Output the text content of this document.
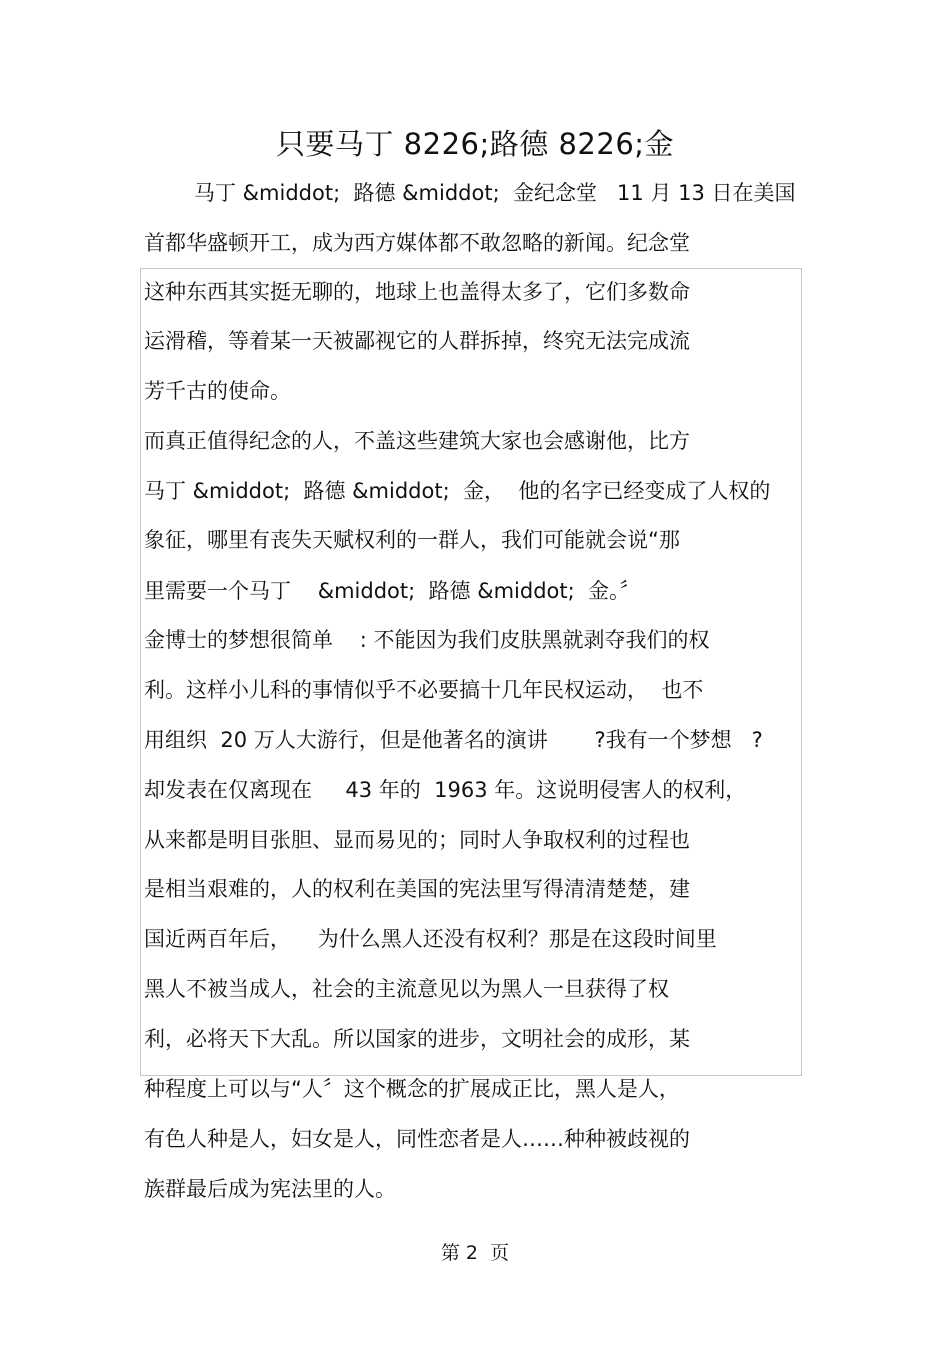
只要马丁 8226;路德 8226;金
马丁 &middot;  路德 &middot;  金纪念堂   11 月 13 日在美国
首都华盛顿开工，成为西方媒体都不敢忽略的新闻。纪念堂
这种东西其实挺无聊的，地球上也盖得太多了，它们多数命
运滑稽，等着某一天被鄙视它的人群拆掉，终究无法完成流
芳千古的使命。
而真正值得纪念的人，不盖这些建筑大家也会感谢他，比方
马丁 &middot;  路德 &middot;  金，  他的名字已经变成了人权的
象征，哪里有丧失天赋权利的一群人，我们可能就会说“那
里需要一个马丁    &middot;  路德 &middot;  金。〞
金博士的梦想很简单    : 不能因为我们皮肤黑就剥夺我们的权
利。这样小儿科的事情似乎不必要搞十几年民权运动，  也不
用组织  20 万人大游行，但是他著名的演讲       ?我有一个梦想   ?
却发表在仅离现在     43 年的  1963 年。这说明侵害人的权利，
从来都是明目张胆、显而易见的；同时人争取权利的过程也
是相当艰难的，人的权利在美国的宪法里写得清清楚楚，建
国近两百年后，    为什么黑人还没有权利？那是在这段时间里
黑人不被当成人，社会的主流意见以为黑人一旦获得了权
利，必将天下大乱。所以国家的进步，文明社会的成形，某
种程度上可以与“人〞这个概念的扩展成正比，黑人是人，
有色人种是人，妇女是人，同性恋者是人……种种被歧视的
族群最后成为宪法里的人。
第 2  页
